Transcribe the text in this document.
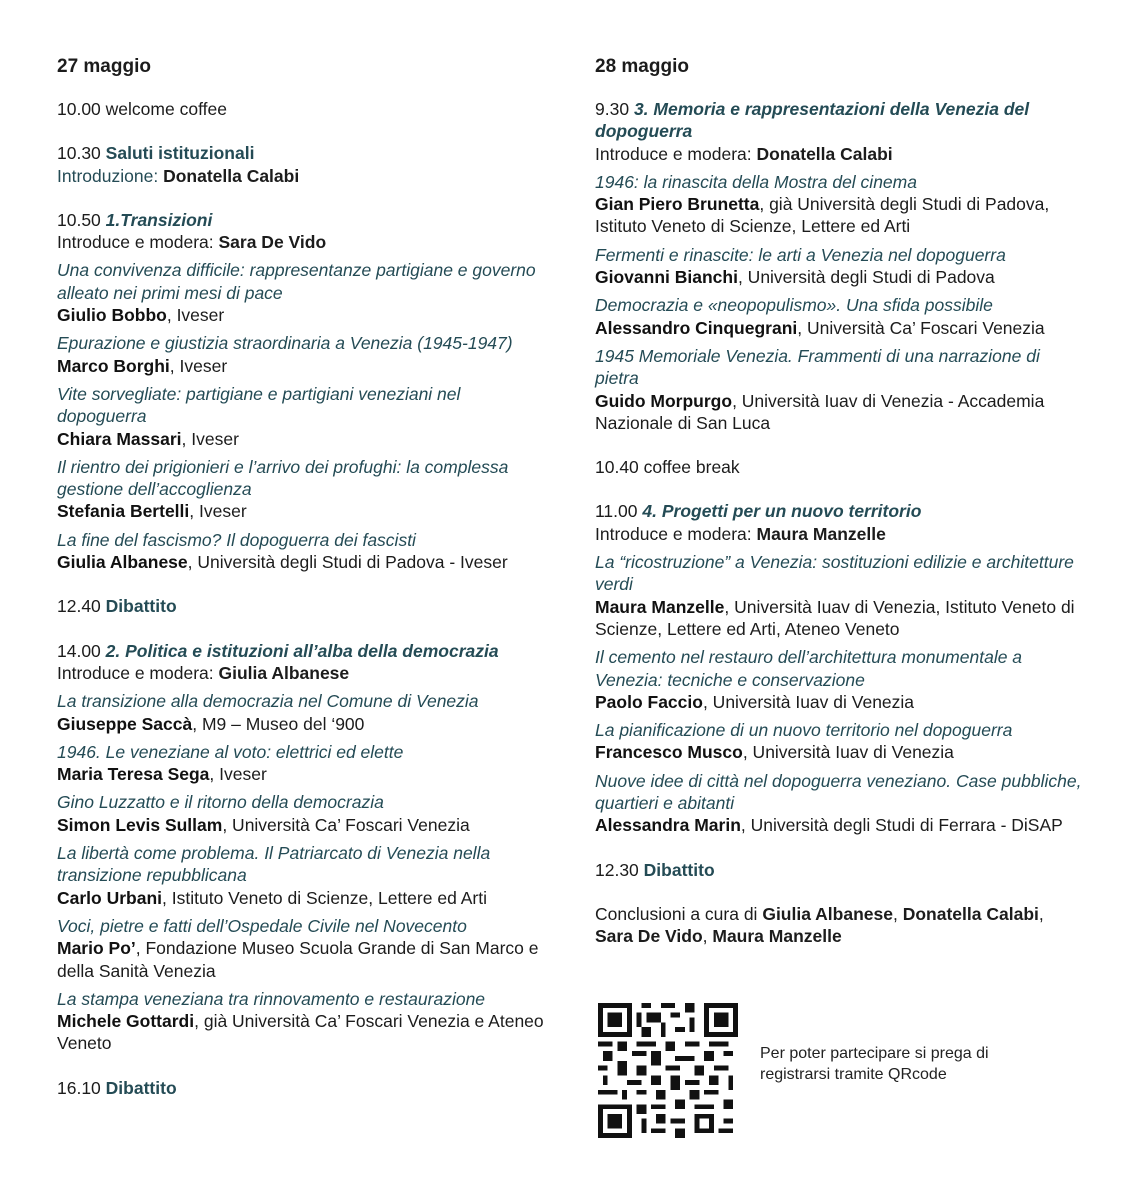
27 maggio
10.00 welcome coffee
10.30 Saluti istituzionali
Introduzione: Donatella Calabi
10.50 1.Transizioni
Introduce e modera: Sara De Vido
Una convivenza difficile: rappresentanze partigiane e governo alleato nei primi mesi di pace
Giulio Bobbo, Iveser
Epurazione e giustizia straordinaria a Venezia (1945-1947)
Marco Borghi, Iveser
Vite sorvegliate: partigiane e partigiani veneziani nel dopoguerra
Chiara Massari, Iveser
Il rientro dei prigionieri e l’arrivo dei profughi: la complessa gestione dell’accoglienza
Stefania Bertelli, Iveser
La fine del fascismo? Il dopoguerra dei fascisti
Giulia Albanese, Università degli Studi di Padova - Iveser
12.40 Dibattito
14.00 2. Politica e istituzioni all’alba della democrazia
Introduce e modera: Giulia Albanese
La transizione alla democrazia nel Comune di Venezia
Giuseppe Saccà, M9 – Museo del ‘900
1946. Le veneziane al voto: elettrici ed elette
Maria Teresa Sega, Iveser
Gino Luzzatto e il ritorno della democrazia
Simon Levis Sullam, Università Ca’ Foscari Venezia
La libertà come problema. Il Patriarcato di Venezia nella transizione repubblicana
Carlo Urbani, Istituto Veneto di Scienze, Lettere ed Arti
Voci, pietre e fatti dell’Ospedale Civile nel Novecento
Mario Po’, Fondazione Museo Scuola Grande di San Marco e della Sanità Venezia
La stampa veneziana tra rinnovamento e restaurazione
Michele Gottardi, già Università Ca’ Foscari Venezia e Ateneo Veneto
16.10 Dibattito
28 maggio
9.30 3. Memoria e rappresentazioni della Venezia del dopoguerra
Introduce e modera: Donatella Calabi
1946: la rinascita della Mostra del cinema
Gian Piero Brunetta, già Università degli Studi di Padova, Istituto Veneto di Scienze, Lettere ed Arti
Fermenti e rinascite: le arti a Venezia nel dopoguerra
Giovanni Bianchi, Università degli Studi di Padova
Democrazia e «neopopulismo». Una sfida possibile
Alessandro Cinquegrani, Università Ca’ Foscari Venezia
1945 Memoriale Venezia. Frammenti di una narrazione di pietra
Guido Morpurgo, Università Iuav di Venezia - Accademia Nazionale di San Luca
10.40 coffee break
11.00 4. Progetti per un nuovo territorio
Introduce e modera: Maura Manzelle
La “ricostruzione” a Venezia: sostituzioni edilizie e architetture verdi
Maura Manzelle, Università Iuav di Venezia, Istituto Veneto di Scienze, Lettere ed Arti, Ateneo Veneto
Il cemento nel restauro dell’architettura monumentale a Venezia: tecniche e conservazione
Paolo Faccio, Università Iuav di Venezia
La pianificazione di un nuovo territorio nel dopoguerra
Francesco Musco, Università Iuav di Venezia
Nuove idee di città nel dopoguerra veneziano. Case pubbliche, quartieri e abitanti
Alessandra Marin, Università degli Studi di Ferrara - DiSAP
12.30 Dibattito
Conclusioni a cura di Giulia Albanese, Donatella Calabi, Sara De Vido, Maura Manzelle
Per poter partecipare si prega di registrarsi tramite QRcode
